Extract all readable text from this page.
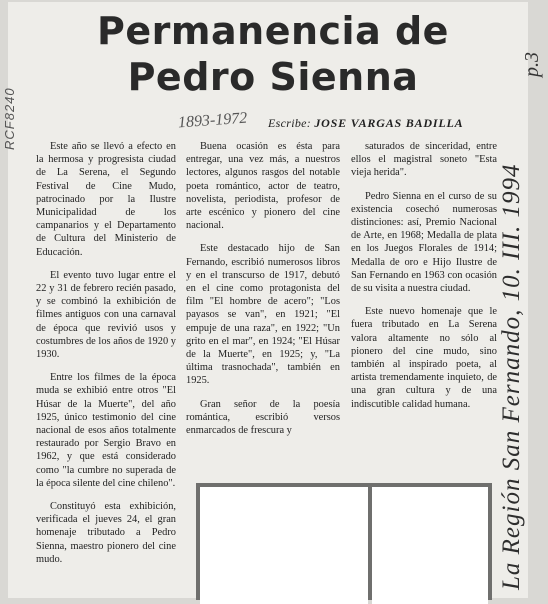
RCF8240
Permanencia de
Pedro Sienna	p.3
1893-1972 Escribe: JOSE VARGAS BADILLA

Este año se llevó a efecto en la hermosa y progresista ciudad de La Serena, el Segundo Festival de Cine Mudo, patrocinado por la Ilustre Municipalidad de los campanarios y el Departamento de Cultura del Ministerio de Educación.

El evento tuvo lugar entre el 22 y 31 de febrero recién pasado, y se combinó la exhibición de filmes antiguos con una carnaval de época que revivió usos y costumbres de los años de 1920 y 1930.

Entre los filmes de la época muda se exhibió entre otros "El Húsar de la Muerte", del año 1925, único testimonio del cine nacional de esos años totalmente restaurado por Sergio Bravo en 1962, y que está considerado como "la cumbre no superada de la época silente del cine chileno".

Constituyó esta exhibición, verificada el jueves 24, el gran homenaje tributado a Pedro Sienna, maestro pionero del cine mudo.

Buena ocasión es ésta para entregar, una vez más, a nuestros lectores, algunos rasgos del notable poeta romántico, actor de teatro, novelista, periodista, profesor de arte escénico y pionero del cine nacional.

Este destacado hijo de San Fernando, escribió numerosos libros y en el transcurso de 1917, debutó en el cine como protagonista del film "El hombre de acero"; "Los payasos se van", en 1921; "El empuje de una raza", en 1922; "Un grito en el mar", en 1924; "El Húsar de la Muerte", en 1925; y, "La última trasnochada", también en 1925.

Gran señor de la poesía romántica, escribió versos enmarcados de frescura y

saturados de sinceridad, entre ellos el magistral soneto "Esta vieja herida".

Pedro Sienna en el curso de su existencia cosechó numerosas distinciones: así, Premio Nacional de Arte, en 1968; Medalla de plata en los Juegos Florales de 1914; Medalla de oro e Hijo Ilustre de San Fernando en 1963 con ocasión de su visita a nuestra ciudad.

Este nuevo homenaje que le fuera tributado en La Serena valora altamente no sólo al pionero del cine mudo, sino también al inspirado poeta, al artista tremendamente inquieto, de una gran cultura y de una indiscutible calidad humana.	La Región San Fernando, 10. III. 1994
